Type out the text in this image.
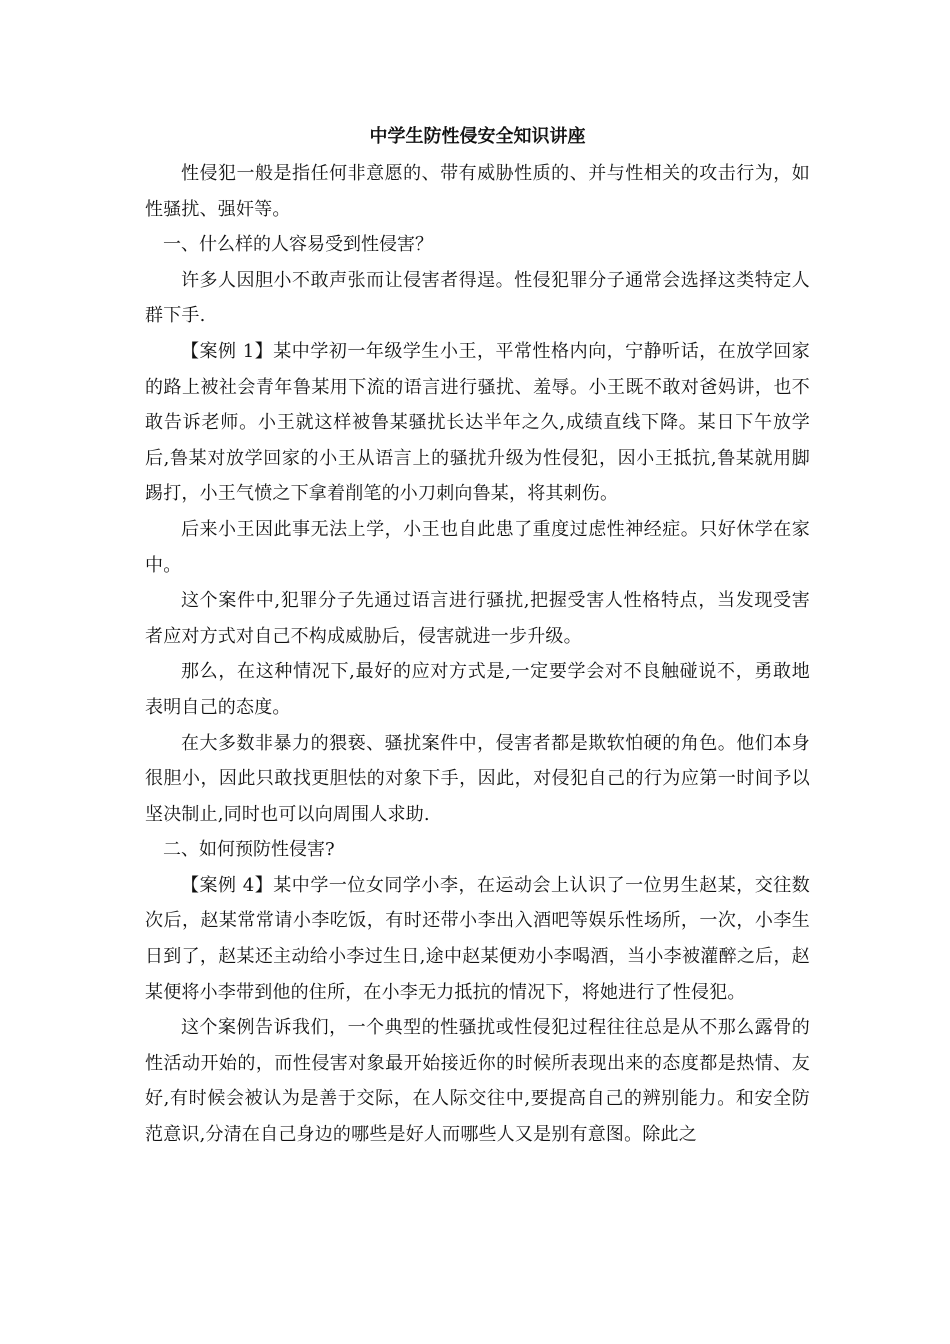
中学生防性侵安全知识讲座

性侵犯一般是指任何非意愿的、带有威胁性质的、并与性相关的攻击行为，如性骚扰、强奸等。

一、什么样的人容易受到性侵害？

许多人因胆小不敢声张而让侵害者得逞。性侵犯罪分子通常会选择这类特定人群下手.

【案例 1】某中学初一年级学生小王，平常性格内向，宁静听话，在放学回家的路上被社会青年鲁某用下流的语言进行骚扰、羞辱。小王既不敢对爸妈讲，也不敢告诉老师。小王就这样被鲁某骚扰长达半年之久,成绩直线下降。某日下午放学后,鲁某对放学回家的小王从语言上的骚扰升级为性侵犯，因小王抵抗,鲁某就用脚踢打，小王气愤之下拿着削笔的小刀刺向鲁某，将其刺伤。

后来小王因此事无法上学，小王也自此患了重度过虑性神经症。只好休学在家中。

这个案件中,犯罪分子先通过语言进行骚扰,把握受害人性格特点，当发现受害者应对方式对自己不构成威胁后，侵害就进一步升级。

那么，在这种情况下,最好的应对方式是,一定要学会对不良触碰说不，勇敢地表明自己的态度。

在大多数非暴力的猥亵、骚扰案件中，侵害者都是欺软怕硬的角色。他们本身很胆小，因此只敢找更胆怯的对象下手，因此，对侵犯自己的行为应第一时间予以坚决制止,同时也可以向周围人求助.

二、如何预防性侵害?

【案例 4】某中学一位女同学小李，在运动会上认识了一位男生赵某，交往数次后，赵某常常请小李吃饭，有时还带小李出入酒吧等娱乐性场所，一次，小李生日到了，赵某还主动给小李过生日,途中赵某便劝小李喝酒，当小李被灌醉之后，赵某便将小李带到他的住所，在小李无力抵抗的情况下，将她进行了性侵犯。

这个案例告诉我们，一个典型的性骚扰或性侵犯过程往往总是从不那么露骨的性活动开始的，而性侵害对象最开始接近你的时候所表现出来的态度都是热情、友好,有时候会被认为是善于交际，在人际交往中,要提高自己的辨别能力。和安全防范意识,分清在自己身边的哪些是好人而哪些人又是别有意图。除此之
